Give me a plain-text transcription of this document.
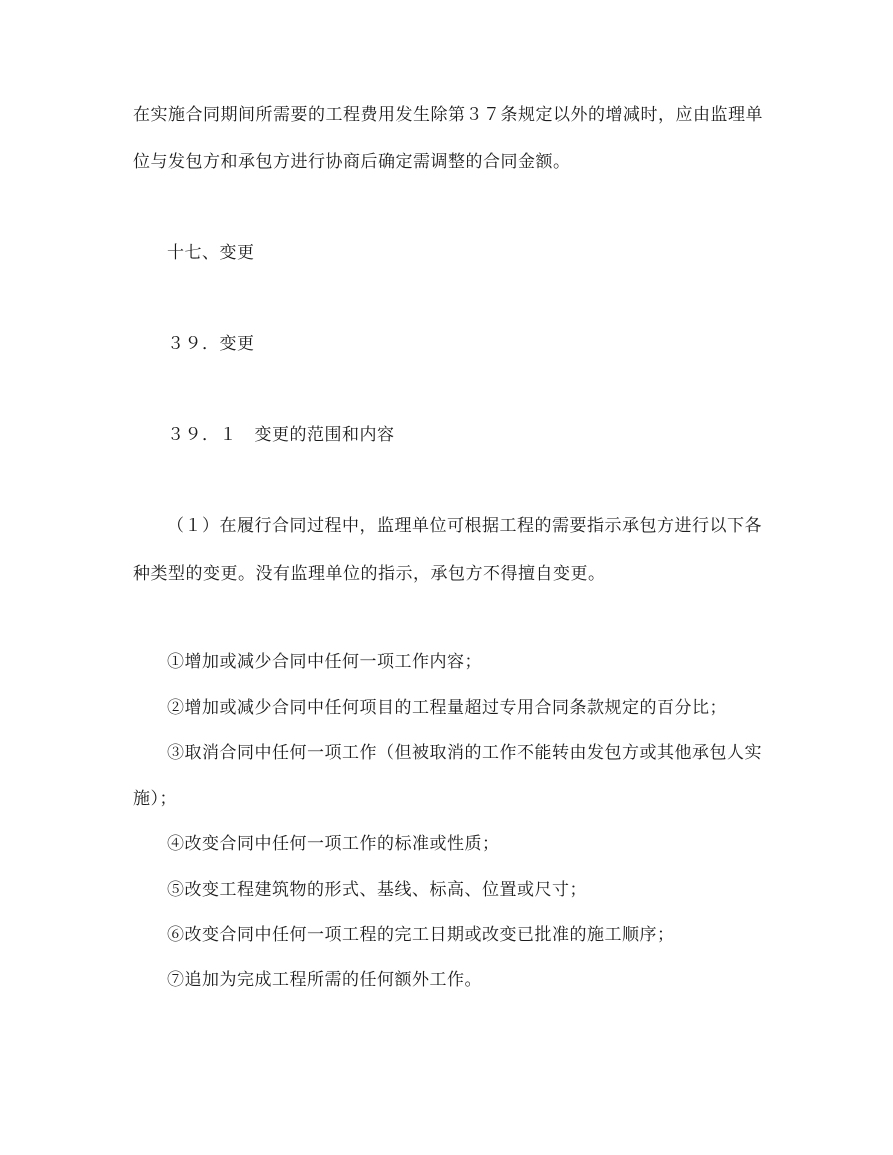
在实施合同期间所需要的工程费用发生除第３７条规定以外的增减时，应由监理单
位与发包方和承包方进行协商后确定需调整的合同金额。
十七、变更
３９．变更
３９．１　变更的范围和内容
（１）在履行合同过程中，监理单位可根据工程的需要指示承包方进行以下各
种类型的变更。没有监理单位的指示，承包方不得擅自变更。
①增加或减少合同中任何一项工作内容；
②增加或减少合同中任何项目的工程量超过专用合同条款规定的百分比；
③取消合同中任何一项工作（但被取消的工作不能转由发包方或其他承包人实
施）；
④改变合同中任何一项工作的标准或性质；
⑤改变工程建筑物的形式、基线、标高、位置或尺寸；
⑥改变合同中任何一项工程的完工日期或改变已批准的施工顺序；
⑦追加为完成工程所需的任何额外工作。
